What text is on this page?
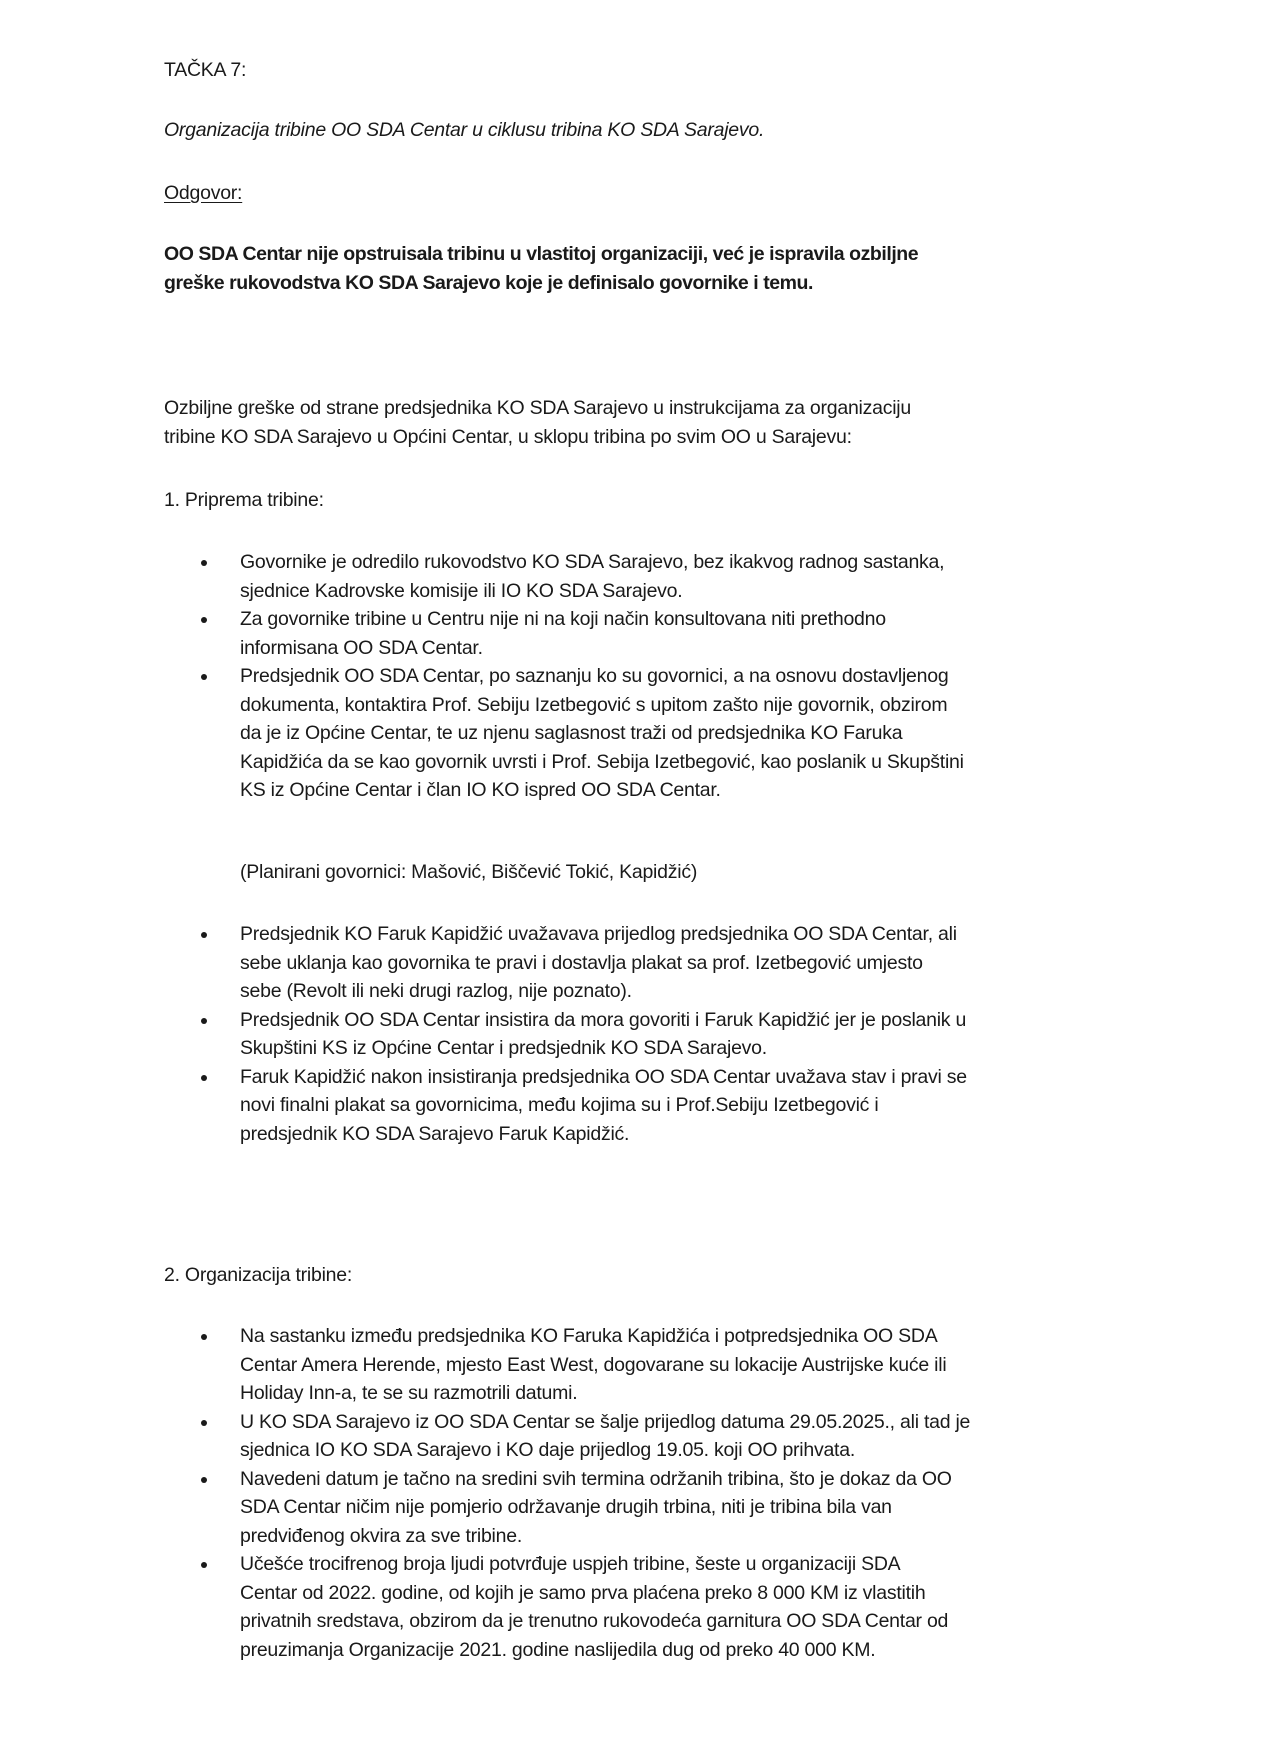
TAČKA 7:
Organizacija tribine OO SDA Centar u ciklusu tribina KO SDA Sarajevo.
Odgovor:
OO SDA Centar nije opstruisala tribinu u vlastitoj organizaciji, već je ispravila ozbiljne
greške rukovodstva KO SDA Sarajevo koje je definisalo govornike i temu.
Ozbiljne greške od strane predsjednika KO SDA Sarajevo u instrukcijama za organizaciju
tribine KO SDA Sarajevo u Općini Centar, u sklopu tribina po svim OO u Sarajevu:
1. Priprema tribine:
Govornike je odredilo rukovodstvo KO SDA Sarajevo, bez ikakvog radnog sastanka,
sjednice Kadrovske komisije ili IO KO SDA Sarajevo.
Za govornike tribine u Centru nije ni na koji način konsultovana niti prethodno
informisana OO SDA Centar.
Predsjednik OO SDA Centar, po saznanju ko su govornici, a na osnovu dostavljenog
dokumenta, kontaktira Prof. Sebiju Izetbegović s upitom zašto nije govornik, obzirom
da je iz Općine Centar, te uz njenu saglasnost traži od predsjednika KO Faruka
Kapidžića da se kao govornik uvrsti i Prof. Sebija Izetbegović, kao poslanik u Skupštini
KS iz Općine Centar i član IO KO ispred OO SDA Centar.
(Planirani govornici: Mašović, Biščević Tokić, Kapidžić)
Predsjednik KO Faruk Kapidžić uvažavava prijedlog predsjednika OO SDA Centar, ali
sebe uklanja kao govornika te pravi i dostavlja plakat sa prof. Izetbegović umjesto
sebe (Revolt ili neki drugi razlog, nije poznato).
Predsjednik OO SDA Centar insistira da mora govoriti i Faruk Kapidžić jer je poslanik u
Skupštini KS iz Općine Centar i predsjednik KO SDA Sarajevo.
Faruk Kapidžić nakon insistiranja predsjednika OO SDA Centar uvažava stav i pravi se
novi finalni plakat sa govornicima, među kojima su i Prof.Sebiju Izetbegović i
predsjednik KO SDA Sarajevo Faruk Kapidžić.
2. Organizacija tribine:
Na sastanku između predsjednika KO Faruka Kapidžića i potpredsjednika OO SDA
Centar Amera Herende, mjesto East West, dogovarane su lokacije Austrijske kuće ili
Holiday Inn-a, te se su razmotrili datumi.
U KO SDA Sarajevo iz OO SDA Centar se šalje prijedlog datuma 29.05.2025., ali tad je
sjednica IO KO SDA Sarajevo i KO daje prijedlog 19.05. koji OO prihvata.
Navedeni datum je tačno na sredini svih termina održanih tribina, što je dokaz da OO
SDA Centar ničim nije pomjerio održavanje drugih trbina, niti je tribina bila van
predviđenog okvira za sve tribine.
Učešće trocifrenog broja ljudi potvrđuje uspjeh tribine, šeste u organizaciji SDA
Centar od 2022. godine, od kojih je samo prva plaćena preko 8 000 KM iz vlastitih
privatnih sredstava, obzirom da je trenutno rukovodeća garnitura OO SDA Centar od
preuzimanja Organizacije 2021. godine naslijedila dug od preko 40 000 KM.
